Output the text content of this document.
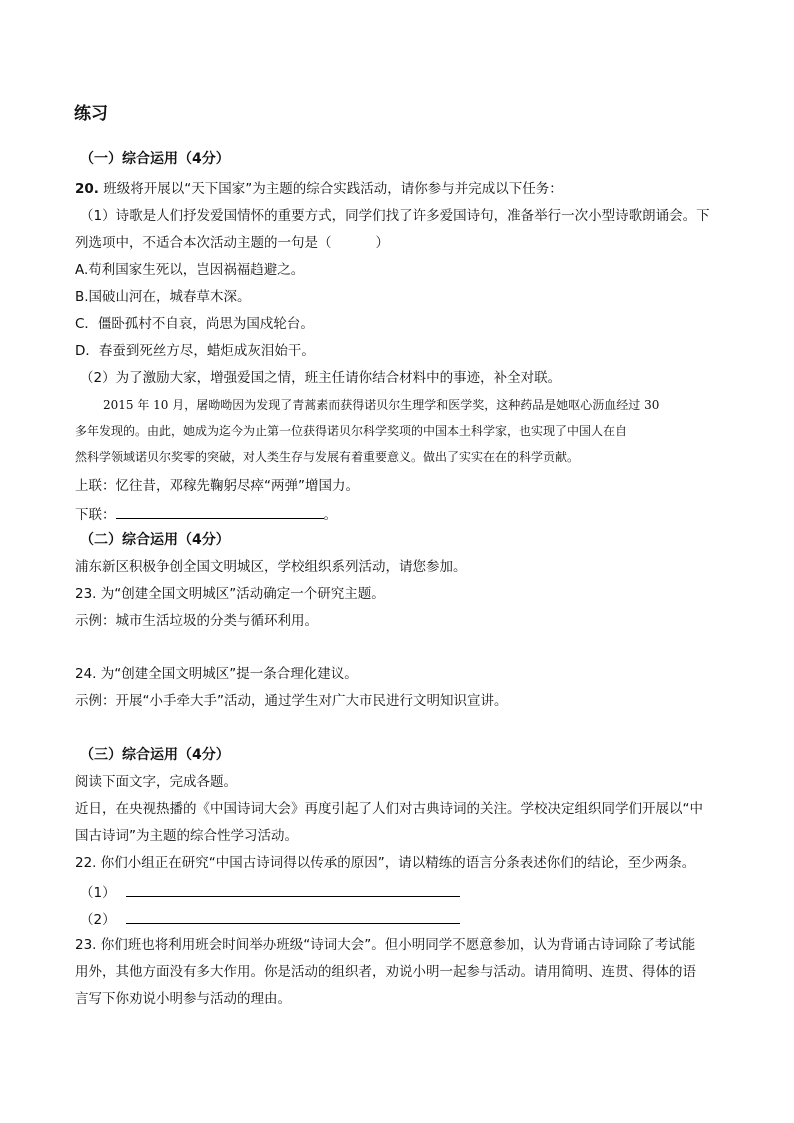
练习
（一）综合运用（4分）
20. 班级将开展以“天下国家”为主题的综合实践活动，请你参与并完成以下任务：
（1）诗歌是人们抒发爱国情怀的重要方式，同学们找了许多爱国诗句，准备举行一次小型诗歌朗诵会。下
列选项中，不适合本次活动主题的一句是（	）
A.苟利国家生死以，岂因祸福趋避之。
B.国破山河在，城春草木深。
C．僵卧孤村不自哀，尚思为国戍轮台。
D．春蚕到死丝方尽，蜡炬成灰泪始干。
（2）为了激励大家，增强爱国之情，班主任请你结合材料中的事迹，补全对联。

2015 年 10 月，屠呦呦因为发现了青蒿素而获得诺贝尔生理学和医学奖，这种药品是她呕心沥血经过 30

多年发现的。由此，她成为迄今为止第一位获得诺贝尔科学奖项的中国本土科学家，也实现了中国人在自

然科学领域诺贝尔奖零的突破，对人类生存与发展有着重要意义。做出了实实在在的科学贡献。

上联：忆往昔，邓稼先鞠躬尽瘁“两弹”增国力。
下联：	。
（二）综合运用（4分）
浦东新区积极争创全国文明城区，学校组织系列活动，请您参加。
23. 为“创建全国文明城区”活动确定一个研究主题。
示例：城市生活垃圾的分类与循环利用。
24. 为“创建全国文明城区”提一条合理化建议。
示例：开展“小手牵大手”活动，通过学生对广大市民进行文明知识宣讲。
（三）综合运用（4分）
阅读下面文字，完成各题。
近日，在央视热播的《中国诗词大会》再度引起了人们对古典诗词的关注。学校决定组织同学们开展以“中
国古诗词”为主题的综合性学习活动。
22. 你们小组正在研究“中国古诗词得以传承的原因”，请以精练的语言分条表述你们的结论，至少两条。
（1）
（2）
23. 你们班也将利用班会时间举办班级“诗词大会”。但小明同学不愿意参加，认为背诵古诗词除了考试能
用外，其他方面没有多大作用。你是活动的组织者，劝说小明一起参与活动。请用简明、连贯、得体的语
言写下你劝说小明参与活动的理由。
